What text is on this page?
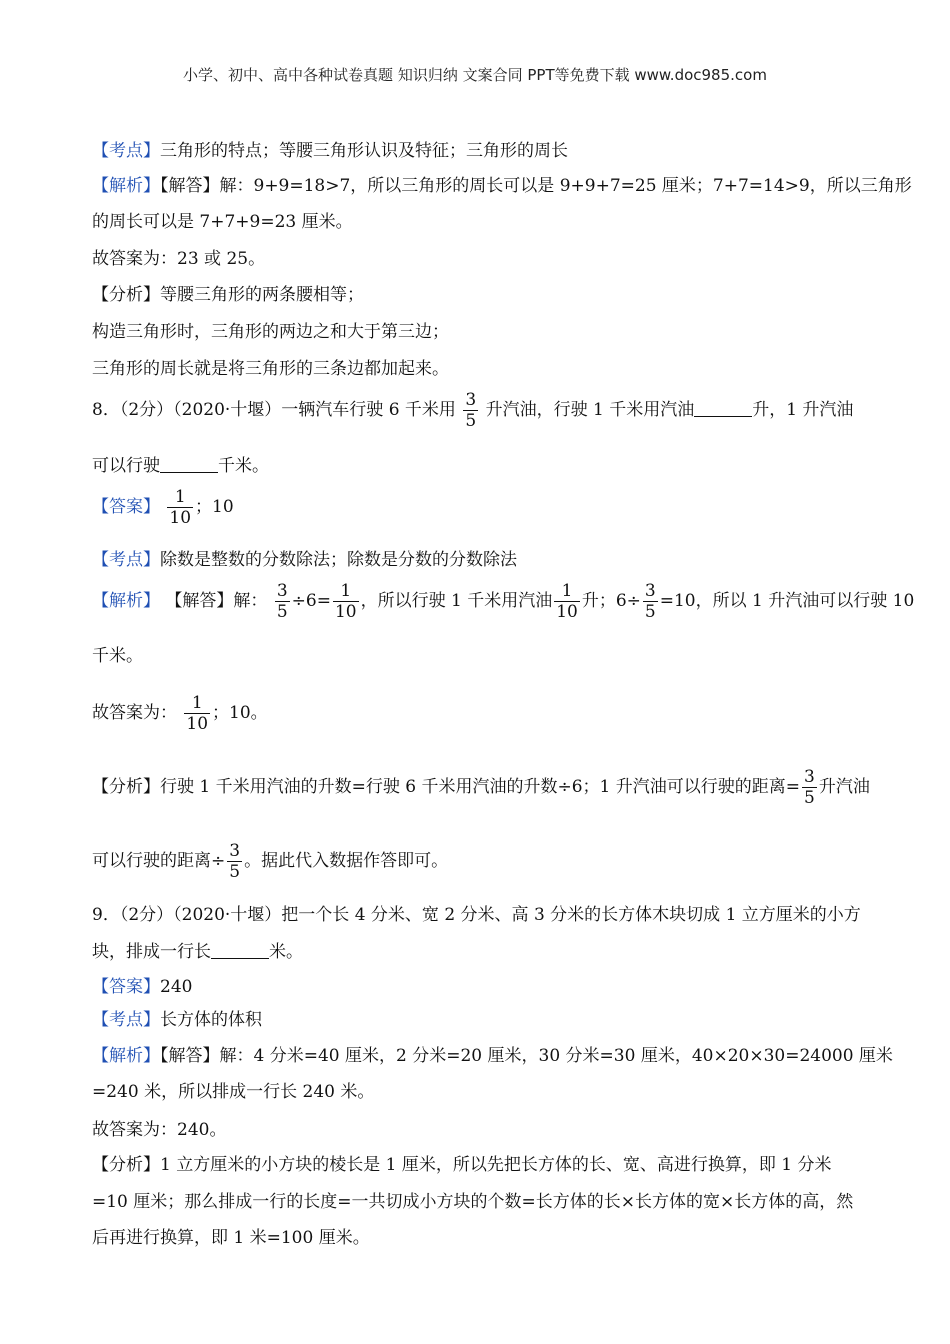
小学、初中、高中各种试卷真题 知识归纳 文案合同 PPT等免费下载 www.doc985.com
【考点】三角形的特点；等腰三角形认识及特征；三角形的周长
【解析】【解答】解：9+9=18>7，所以三角形的周长可以是 9+9+7=25 厘米；7+7=14>9，所以三角形
的周长可以是 7+7+9=23 厘米。
故答案为：23 或 25。
【分析】等腰三角形的两条腰相等；
构造三角形时，三角形的两边之和大于第三边；
三角形的周长就是将三角形的三条边都加起来。
8．（2分）（2020·十堰）一辆汽车行驶 6 千米用 $\frac{3}{5}$ 升汽油，行驶 1 千米用汽油	升，1 升汽油
可以行驶	千米。
【答案】 $\frac{1}{10}$ ；10
【考点】除数是整数的分数除法；除数是分数的分数除法
【解析】 【解答】解： $\frac{3}{5} \div 6= \frac{1}{10}$ ，所以行驶 1 千米用汽油 $\frac{1}{10}$ 升；$6\div \frac{3}{5} =10$，所以 1 升汽油可以行驶 10
千米。
故答案为： $\frac{1}{10}$ ；10。
【分析】行驶 1 千米用汽油的升数=行驶 6 千米用汽油的升数÷6；1 升汽油可以行驶的距离= $\frac{3}{5}$ 升汽油
可以行驶的距离÷ $\frac{3}{5}$ 。据此代入数据作答即可。
9．（2分）（2020·十堰）把一个长 4 分米、宽 2 分米、高 3 分米的长方体木块切成 1 立方厘米的小方
块，排成一行长	米。
【答案】240
【考点】长方体的体积
【解析】【解答】解：4 分米=40 厘米，2 分米=20 厘米，30 分米=30 厘米，40×20×30=24000 厘米
=240 米，所以排成一行长 240 米。
故答案为：240。
【分析】1 立方厘米的小方块的棱长是 1 厘米，所以先把长方体的长、宽、高进行换算，即 1 分米
=10 厘米；那么排成一行的长度=一共切成小方块的个数=长方体的长×长方体的宽×长方体的高，然
后再进行换算，即 1 米=100 厘米。
